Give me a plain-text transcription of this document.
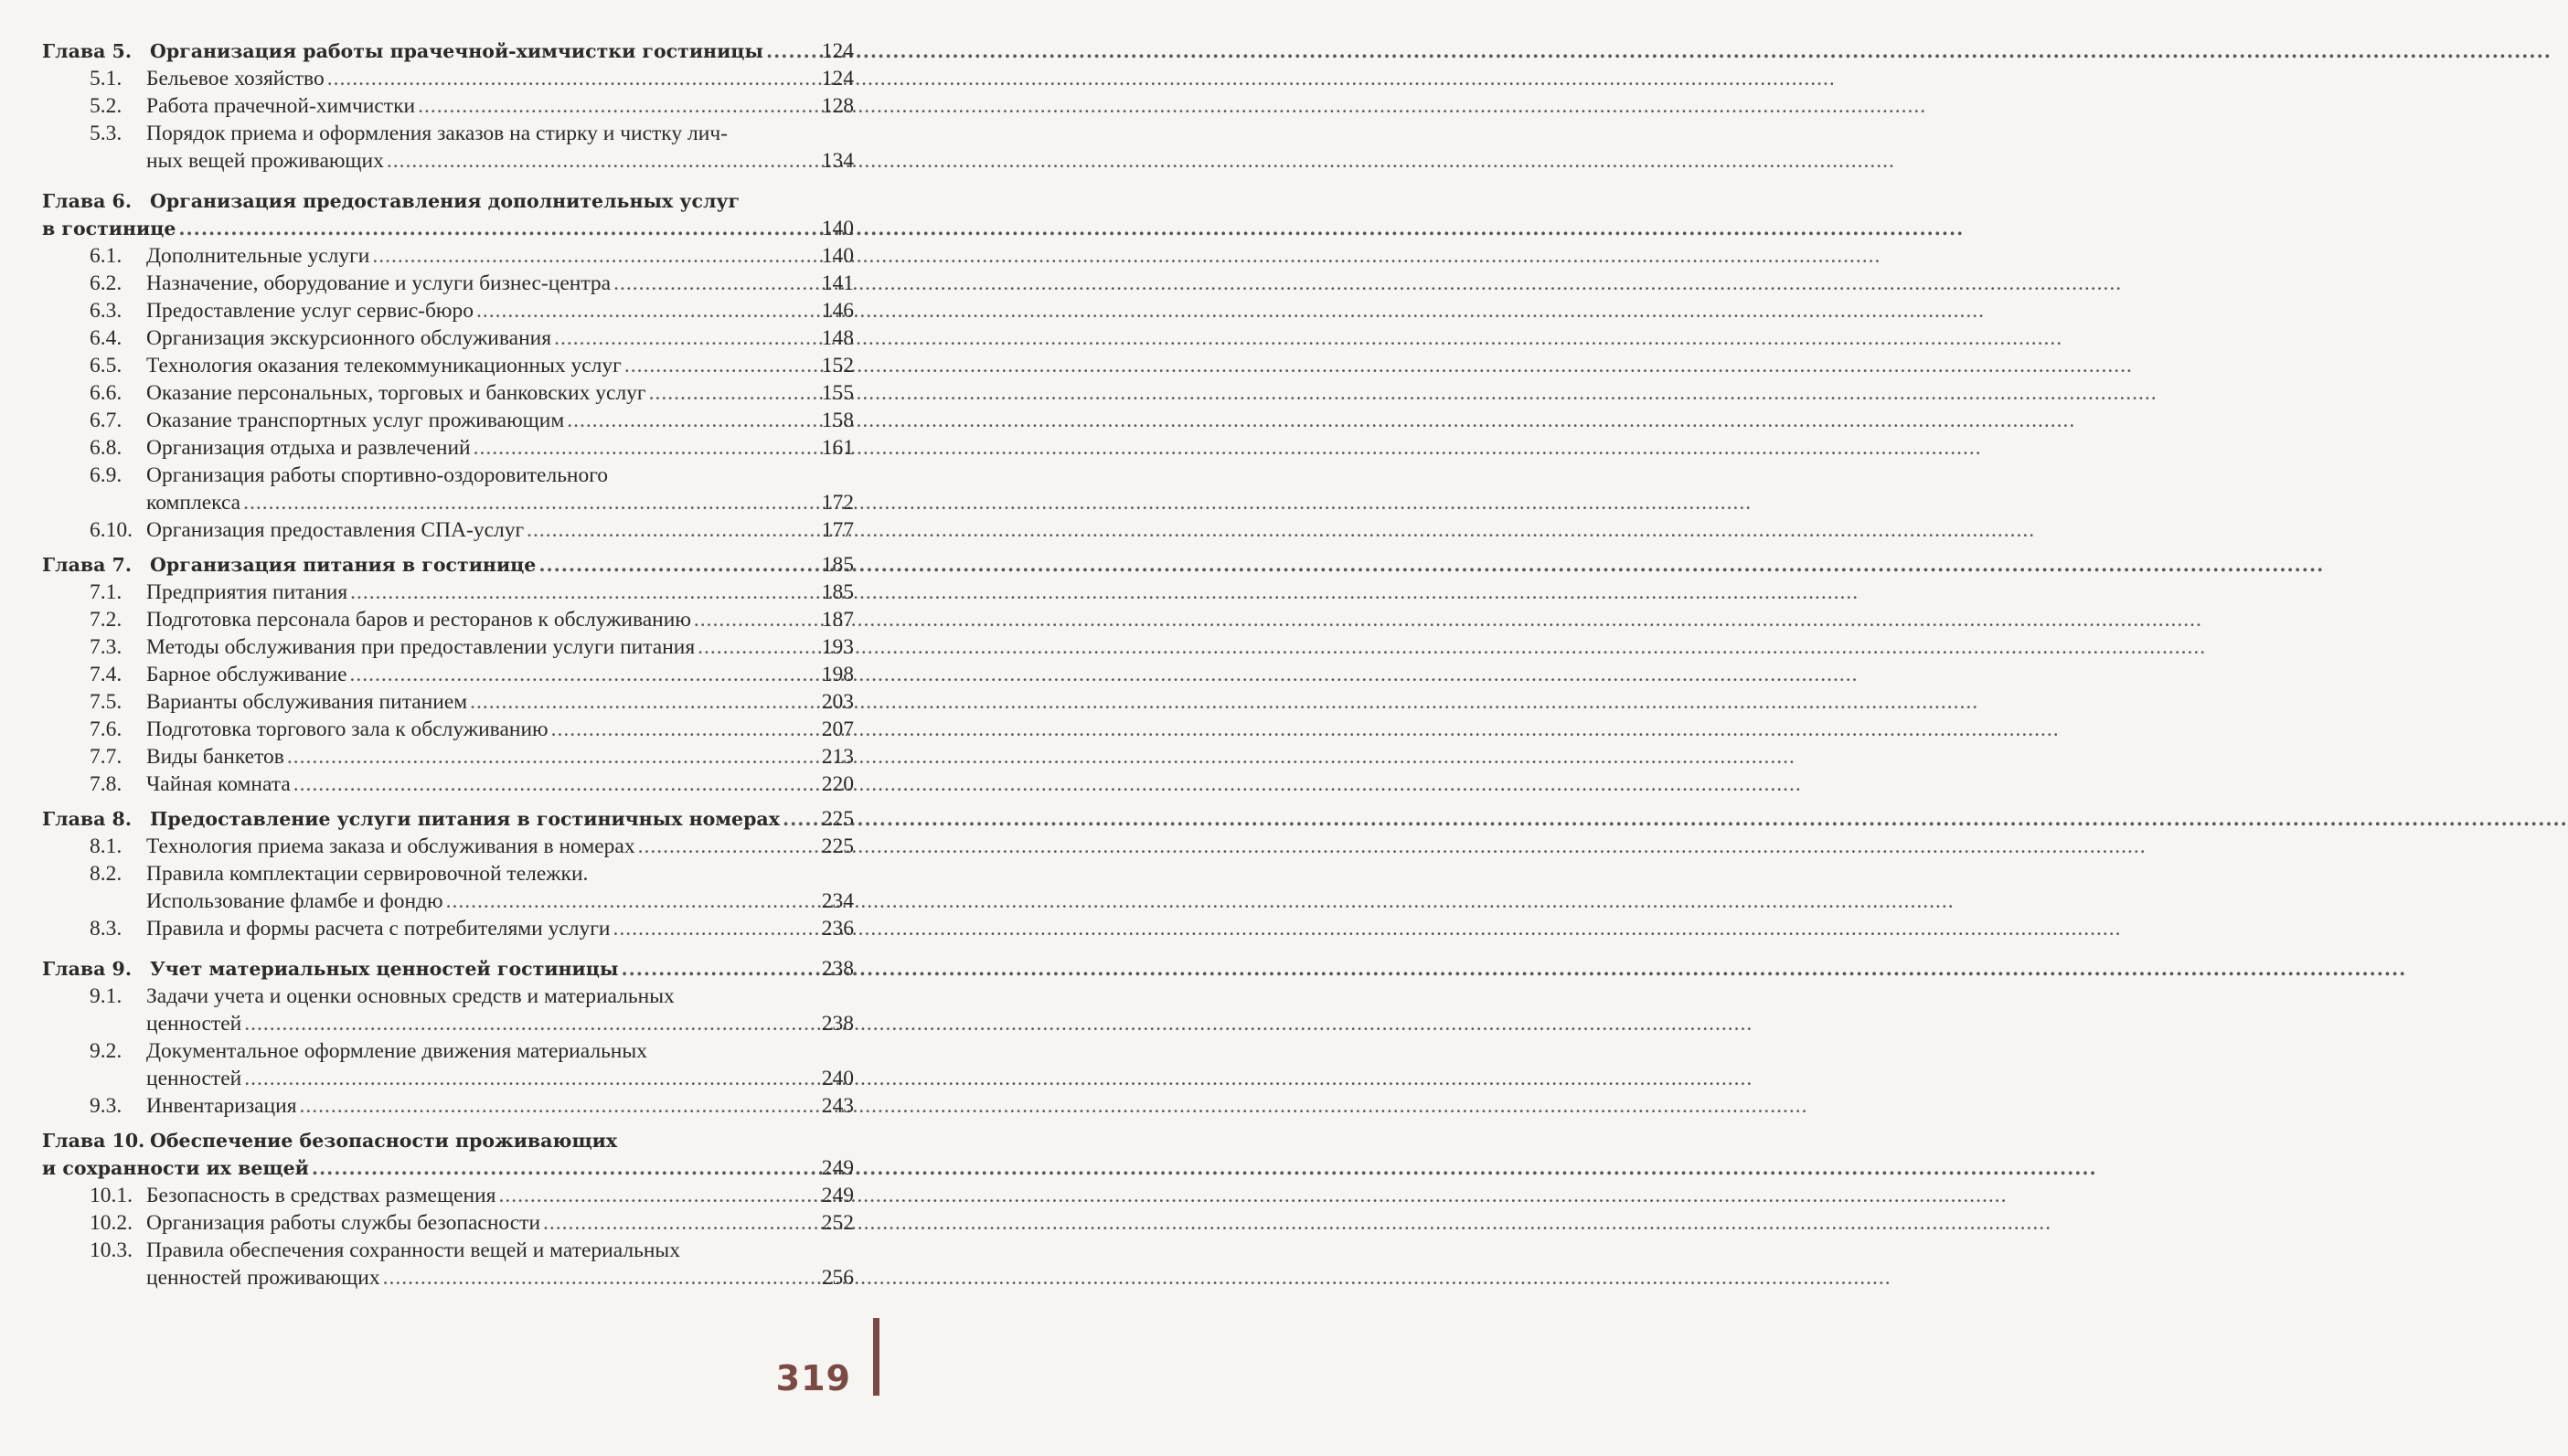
Глава 5. Организация работы прачечной-химчистки гостиницы .....	124
5.1. Бельевое хозяйство .....	124
5.2. Работа прачечной-химчистки .....	128
5.3. Порядок приема и оформления заказов на стирку и чистку лич-
ных вещей проживающих .....	134
Глава 6. Организация предоставления дополнительных услуг
в гостинице .....	140
6.1. Дополнительные услуги .....	140
6.2. Назначение, оборудование и услуги бизнес-центра .....	141
6.3. Предоставление услуг сервис-бюро .....	146
6.4. Организация экскурсионного обслуживания .....	148
6.5. Технология оказания телекоммуникационных услуг .....	152
6.6. Оказание персональных, торговых и банковских услуг .....	155
6.7. Оказание транспортных услуг проживающим .....	158
6.8. Организация отдыха и развлечений .....	161
6.9. Организация работы спортивно-оздоровительного
комплекса .....	172
6.10. Организация предоставления СПА-услуг .....	177
Глава 7. Организация питания в гостинице .....	185
7.1. Предприятия питания .....	185
7.2. Подготовка персонала баров и ресторанов к обслуживанию .....	187
7.3. Методы обслуживания при предоставлении услуги питания .....	193
7.4. Барное обслуживание .....	198
7.5. Варианты обслуживания питанием .....	203
7.6. Подготовка торгового зала к обслуживанию .....	207
7.7. Виды банкетов .....	213
7.8. Чайная комната .....	220
Глава 8. Предоставление услуги питания в гостиничных номерах ..... 225
8.1. Технология приема заказа и обслуживания в номерах .....	225
8.2. Правила комплектации сервировочной тележки.
Использование фламбе и фондю .....	234
8.3. Правила и формы расчета с потребителями услуги .....	236
Глава 9. Учет материальных ценностей гостиницы .....	238
9.1. Задачи учета и оценки основных средств и материальных
ценностей .....	238
9.2. Документальное оформление движения материальных
ценностей .....	240
9.3. Инвентаризация .....	243
Глава 10. Обеспечение безопасности проживающих
и сохранности их вещей .....	249
10.1. Безопасность в средствах размещения .....	249
10.2. Организация работы службы безопасности .....	252
10.3. Правила обеспечения сохранности вещей и материальных
ценностей проживающих .....	256
319
